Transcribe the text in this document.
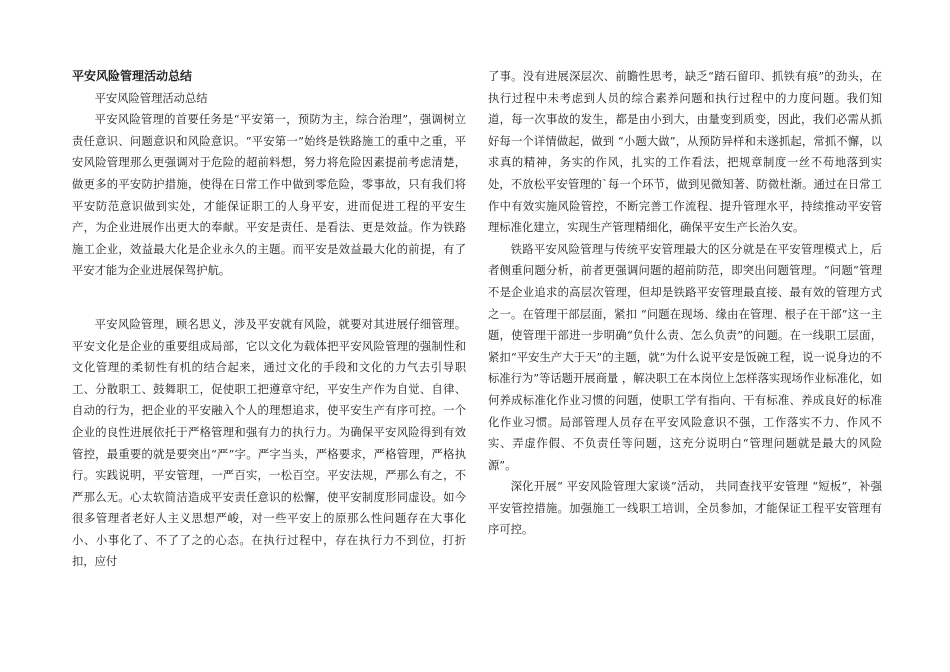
平安风险管理活动总结

平安风险管理活动总结

平安风险管理的首要任务是“平安第一，预防为主，综合治理”，强调树立责任意识、问题意识和风险意识。“平安第一”始终是铁路施工的重中之重，平安风险管理那么更强调对于危险的超前料想，努力将危险因素提前考虑清楚，做更多的平安防护措施，使得在日常工作中做到零危险，零事故，只有我们将平安防范意识做到实处，才能保证职工的人身平安，进而促进工程的平安生产，为企业进展作出更大的奉献。平安是责任、是看法、更是效益。作为铁路施工企业，效益最大化是企业永久的主题。而平安是效益最大化的前提，有了平安才能为企业进展保驾护航。

平安风险管理，顾名思义，涉及平安就有风险，就要对其进展仔细管理。平安文化是企业的重要组成局部，它以文化为载体把平安风险管理的强制性和文化管理的柔韧性有机的结合起来，通过文化的手段和文化的力气去引导职工、分散职工、鼓舞职工，促使职工把遵章守纪，平安生产作为自觉、自律、自动的行为，把企业的平安融入个人的理想追求，使平安生产有序可控。一个企业的良性进展依托于严格管理和强有力的执行力。为确保平安风险得到有效管控，最重要的就是要突出“严”字。严字当头，严格要求，严格管理，严格执行。实践说明，平安管理，一严百实，一松百空。平安法规，严那么有之，不严那么无。心太软简洁造成平安责任意识的松懈，使平安制度形同虚设。如今很多管理者老好人主义思想严峻，对一些平安上的原那么性问题存在大事化小、小事化了、不了了之的心态。在执行过程中，存在执行力不到位，打折扣，应付

了事。没有进展深层次、前瞻性思考，缺乏“踏石留印、抓铁有痕”的劲头，在执行过程中未考虑到人员的综合素养问题和执行过程中的力度问题。我们知道，每一次事故的发生，都是由小到大，由量变到质变，因此，我们必需从抓好每一个详情做起，做到 “小题大做”，从预防异样和未遂抓起，常抓不懈，以求真的精神，务实的作风，扎实的工作看法，把规章制度一丝不苟地落到实处，不放松平安管理的`每一个环节，做到见微知著、防微杜渐。通过在日常工作中有效实施风险管控，不断完善工作流程、提升管理水平，持续推动平安管理标准化建立，实现生产管理精细化，确保平安生产长治久安。

铁路平安风险管理与传统平安管理最大的区分就是在平安管理模式上，后者侧重问题分析，前者更强调问题的超前防范，即突出问题管理。“问题”管理不是企业追求的高层次管理，但却是铁路平安管理最直接、最有效的管理方式之一。在管理干部层面，紧扣 “问题在现场、缘由在管理、根子在干部”这一主题，使管理干部进一步明确“负什么责、怎么负责”的问题。在一线职工层面，紧扣“平安生产大于天”的主题，就“为什么说平安是饭碗工程，说一说身边的不标准行为”等话题开展商量 ，解决职工在本岗位上怎样落实现场作业标准化，如何养成标准化作业习惯的问题，使职工学有指向、干有标准、养成良好的标准化作业习惯。局部管理人员存在平安风险意识不强，工作落实不力、作风不实、弄虚作假、不负责任等问题，这充分说明白“管理问题就是最大的风险源”。

深化开展“ 平安风险管理大家谈”活动， 共同查找平安管理 “短板”，补强平安管控措施。加强施工一线职工培训，全员参加，才能保证工程平安管理有序可控。
